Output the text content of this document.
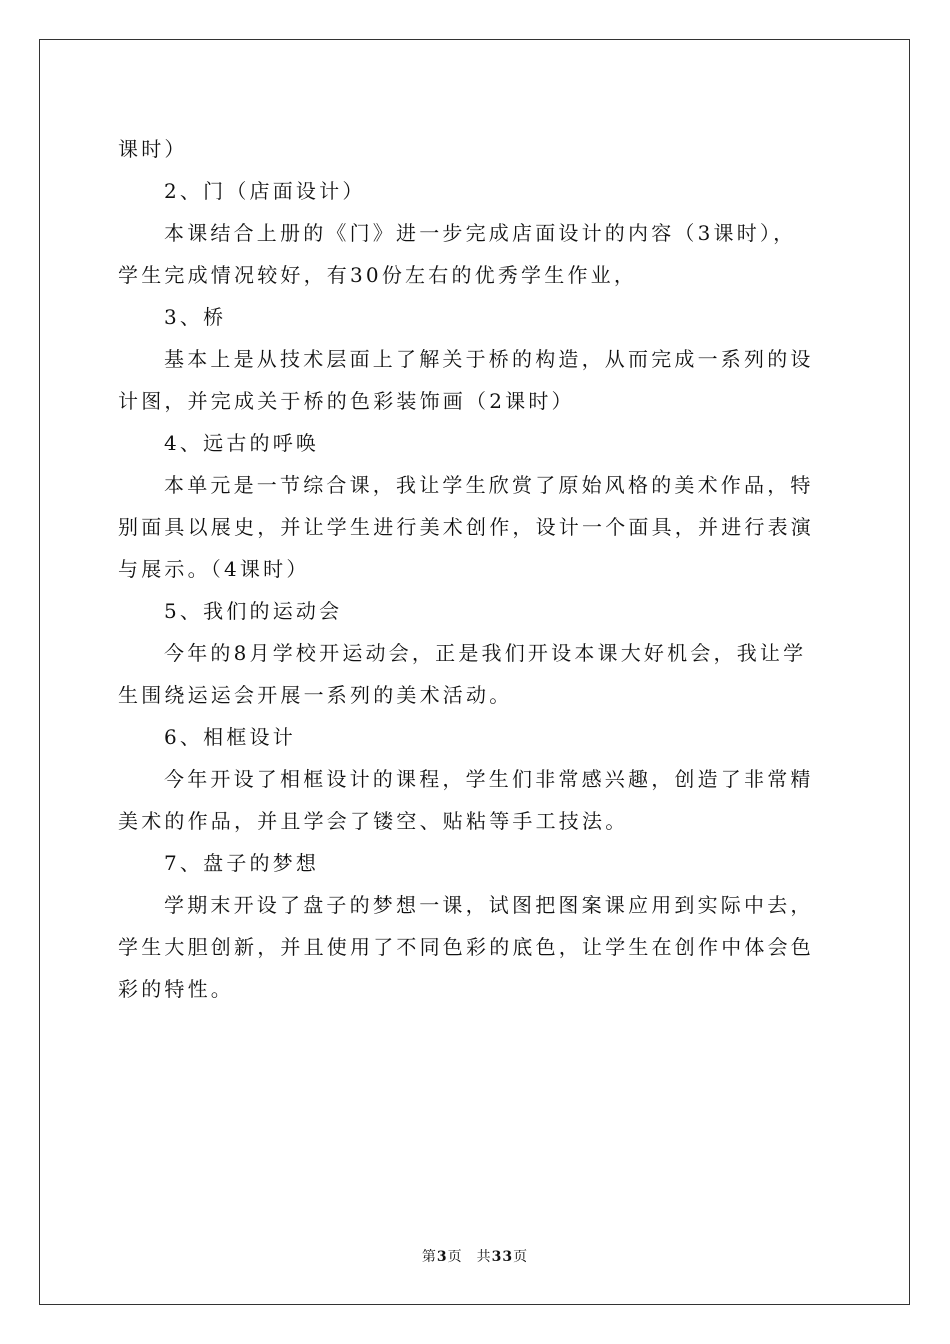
课时）
2、门（店面设计）
本课结合上册的《门》进一步完成店面设计的内容（3课时），
学生完成情况较好，有30份左右的优秀学生作业，
3、桥
基本上是从技术层面上了解关于桥的构造，从而完成一系列的设
计图，并完成关于桥的色彩装饰画（2课时）
4、远古的呼唤
本单元是一节综合课，我让学生欣赏了原始风格的美术作品，特
别面具以展史，并让学生进行美术创作，设计一个面具，并进行表演
与展示。（4课时）
5、我们的运动会
今年的8月学校开运动会，正是我们开设本课大好机会，我让学
生围绕运运会开展一系列的美术活动。
6、相框设计
今年开设了相框设计的课程，学生们非常感兴趣，创造了非常精
美术的作品，并且学会了镂空、贴粘等手工技法。
7、盘子的梦想
学期末开设了盘子的梦想一课，试图把图案课应用到实际中去，
学生大胆创新，并且使用了不同色彩的底色，让学生在创作中体会色
彩的特性。
第3页 共33页
